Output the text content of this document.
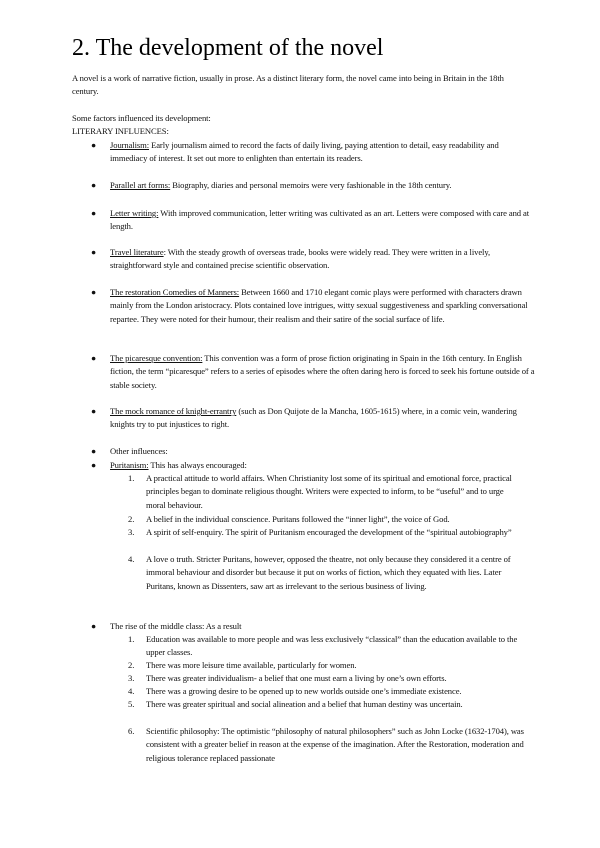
2. The development of the novel
A novel is a work of narrative fiction, usually in prose. As a distinct literary form, the novel came into being in Britain in the 18th century.
Some factors influenced its development:
LITERARY INFLUENCES:
●	Journalism: Early journalism aimed to record the facts of daily living, paying attention to detail, easy readability and immediacy of interest. It set out more to enlighten than entertain its readers.
●	Parallel art forms: Biography, diaries and personal memoirs were very fashionable in the 18th century.
●	Letter writing: With improved communication, letter writing was cultivated as an art. Letters were composed with care and at length.
●	Travel literature: With the steady growth of overseas trade, books were widely read. They were written in a lively, straightforward style and contained precise scientific observation.
●	The restoration Comedies of Manners: Between 1660 and 1710 elegant comic plays were performed with characters drawn mainly from the London aristocracy. Plots contained love intrigues, witty sexual suggestiveness and sparkling conversational repartee. They were noted for their humour, their realism and their satire of the social surface of life.
●	The picaresque convention: This convention was a form of prose fiction originating in Spain in the 16th century. In English fiction, the term “picaresque” refers to a series of episodes where the often daring hero is forced to seek his fortune outside of a stable society.
●	The mock romance of knight-errantry (such as Don Quijote de la Mancha, 1605-1615) where, in a comic vein, wandering knights try to put injustices to right.
●	Other influences:
●	Puritanism: This has always encouraged:
1.	A practical attitude to world affairs. When Christianity lost some of its spiritual and emotional force, practical principles began to dominate religious thought. Writers were expected to inform, to be “useful” and to urge moral behaviour.
2.	A belief in the individual conscience. Puritans followed the “inner light”, the voice of God.
3.	A spirit of self-enquiry. The spirit of Puritanism encouraged the development of the “spiritual autobiography”
4.	A love o truth. Stricter Puritans, however, opposed the theatre, not only because they considered it a centre of immoral behaviour and disorder but because it put on works of fiction, which they equated with lies. Later Puritans, known as Dissenters, saw art as irrelevant to the serious business of living.
●	The rise of the middle class: As a result
1.	Education was available to more people and was less exclusively “classical” than the education available to the upper classes.
2.	There was more leisure time available, particularly for women.
3.	There was greater individualism- a belief that one must earn a living by one’s own efforts.
4.	There was a growing desire to be opened up to new worlds outside one’s immediate existence.
5.	There was greater spiritual and social alineation and a belief that human destiny was uncertain.
6.	Scientific philosophy: The optimistic “philosophy of natural philosophers” such as John Locke (1632-1704), was consistent with a greater belief in reason at the expense of the imagination. After the Restoration, moderation and religious tolerance replaced passionate
